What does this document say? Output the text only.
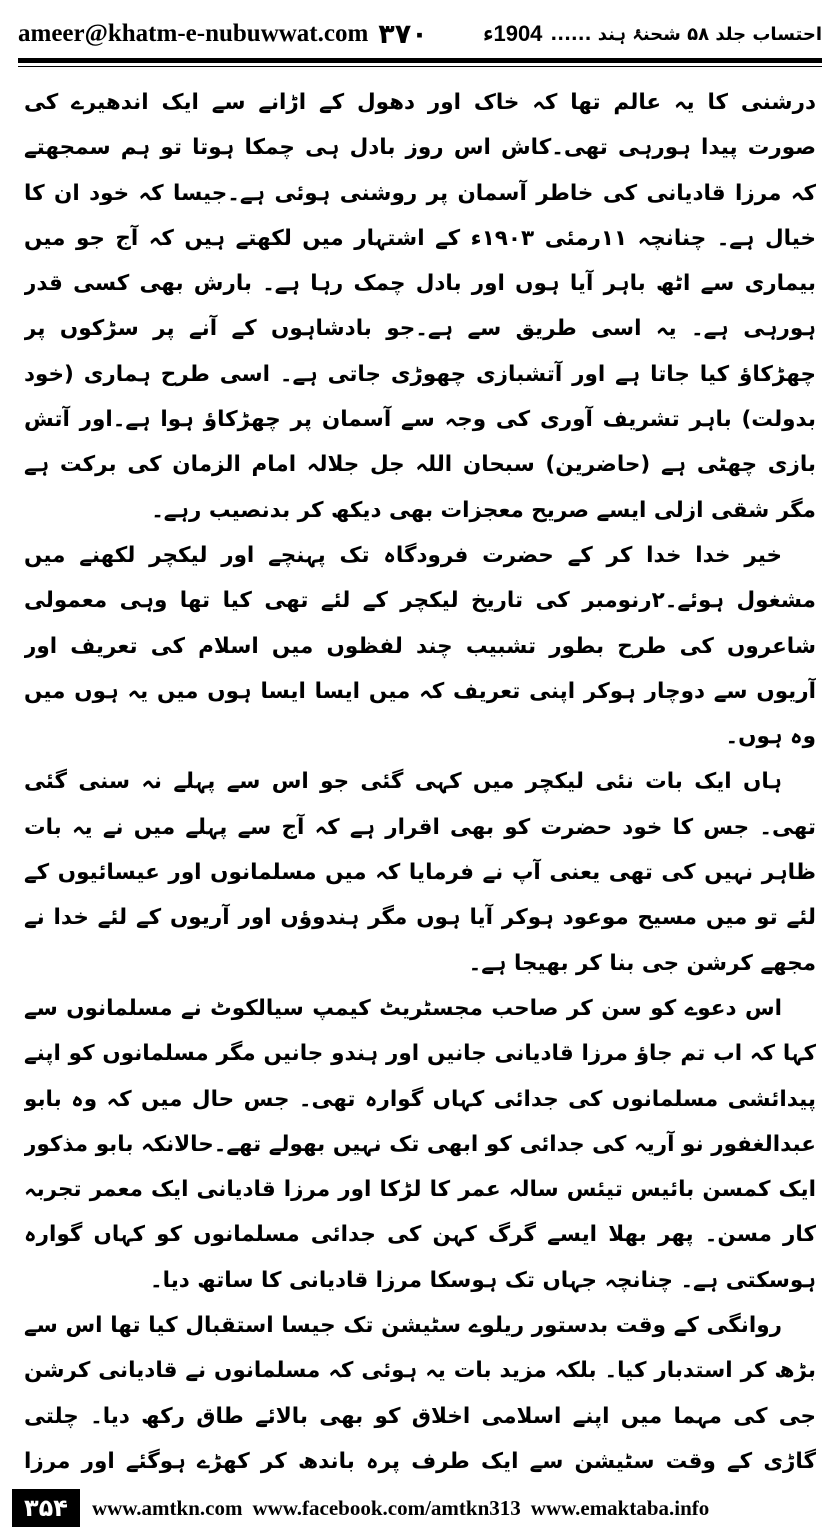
ameer@khatm-e-nubuwwat.com ۳۷۰	احتساب جلد ۵۸ شحنۂ ہند ......
1904ء

درشنی کا یہ عالم تھا کہ خاک اور دھول کے اڑانے سے ایک اندھیرے کی صورت پیدا ہورہی تھی۔کاش اس روز بادل ہی چمکا ہوتا تو ہم سمجھتے کہ مرزا قادیانی کی خاطر آسمان پر روشنی ہوئی ہے۔جیسا کہ خود ان کا خیال ہے۔ چنانچہ ۱۱رمئی ۱۹۰۳ء کے اشتہار میں لکھتے ہیں کہ آج جو میں بیماری سے اٹھ باہر آیا ہوں اور بادل چمک رہا ہے۔ بارش بھی کسی قدر ہورہی ہے۔ یہ اسی طریق سے ہے۔جو بادشاہوں کے آنے پر سڑکوں پر چھڑکاؤ کیا جاتا ہے اور آتشبازی چھوڑی جاتی ہے۔ اسی طرح ہماری (خود بدولت) باہر تشریف آوری کی وجہ سے آسمان پر چھڑکاؤ ہوا ہے۔اور آتش بازی چھٹی ہے (حاضرین) سبحان اللہ جل جلالہ امام الزمان کی برکت ہے مگر شقی ازلی ایسے صریح معجزات بھی دیکھ کر بدنصیب رہے۔

خیر خدا خدا کر کے حضرت فرودگاہ تک پہنچے اور لیکچر لکھنے میں مشغول ہوئے۔۲رنومبر کی تاریخ لیکچر کے لئے تھی کیا تھا وہی معمولی شاعروں کی طرح بطور تشبیب چند لفظوں میں اسلام کی تعریف اور آریوں سے دوچار ہوکر اپنی تعریف کہ میں ایسا ایسا ہوں میں یہ ہوں میں وہ ہوں۔

ہاں ایک بات نئی لیکچر میں کہی گئی جو اس سے پہلے نہ سنی گئی تھی۔ جس کا خود حضرت کو بھی اقرار ہے کہ آج سے پہلے میں نے یہ بات ظاہر نہیں کی تھی یعنی آپ نے فرمایا کہ میں مسلمانوں اور عیسائیوں کے لئے تو میں مسیح موعود ہوکر آیا ہوں مگر ہندوؤں اور آریوں کے لئے خدا نے مجھے کرشن جی بنا کر بھیجا ہے۔

اس دعوے کو سن کر صاحب مجسٹریٹ کیمپ سیالکوٹ نے مسلمانوں سے کہا کہ اب تم جاؤ مرزا قادیانی جانیں اور ہندو جانیں مگر مسلمانوں کو اپنے پیدائشی مسلمانوں کی جدائی کہاں گوارہ تھی۔ جس حال میں کہ وہ بابو عبدالغفور نو آریہ کی جدائی کو ابھی تک نہیں بھولے تھے۔حالانکہ بابو مذکور ایک کمسن بائیس تیئس سالہ عمر کا لڑکا اور مرزا قادیانی ایک معمر تجربہ کار مسن۔ پھر بھلا ایسے گرگ کہن کی جدائی مسلمانوں کو کہاں گوارہ ہوسکتی ہے۔ چنانچہ جہاں تک ہوسکا مرزا قادیانی کا ساتھ دیا۔

روانگی کے وقت بدستور ریلوے سٹیشن تک جیسا استقبال کیا تھا اس سے بڑھ کر استدبار کیا۔ بلکہ مزید بات یہ ہوئی کہ مسلمانوں نے قادیانی کرشن جی کی مہما میں اپنے اسلامی اخلاق کو بھی بالائے طاق رکھ دیا۔ چلتی گاڑی کے وقت سٹیشن سے ایک طرف پرہ باندھ کر کھڑے ہوگئے اور مرزا

۳۵۴	www.amtkn.com www.facebook.com/amtkn313 www.emaktaba.info
